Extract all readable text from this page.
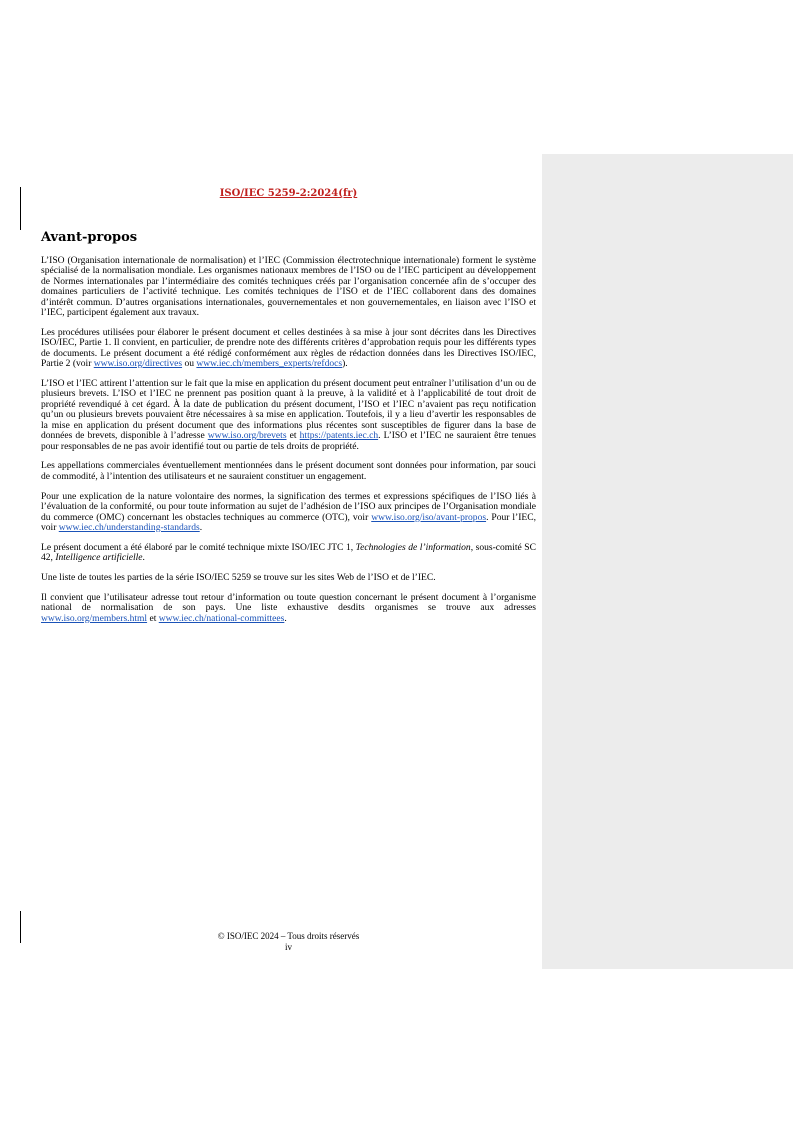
ISO/IEC 5259-2:2024(fr)
Avant-propos

L’ISO (Organisation internationale de normalisation) et l’IEC (Commission électrotechnique internationale) forment le système spécialisé de la normalisation mondiale. Les organismes nationaux membres de l’ISO ou de l’IEC participent au développement de Normes internationales par l’intermédiaire des comités techniques créés par l’organisation concernée afin de s’occuper des domaines particuliers de l’activité technique. Les comités techniques de l’ISO et de l’IEC collaborent dans des domaines d’intérêt commun. D’autres organisations internationales, gouvernementales et non gouvernementales, en liaison avec l’ISO et l’IEC, participent également aux travaux.

Les procédures utilisées pour élaborer le présent document et celles destinées à sa mise à jour sont décrites dans les Directives ISO/IEC, Partie 1. Il convient, en particulier, de prendre note des différents critères d’approbation requis pour les différents types de documents. Le présent document a été rédigé conformément aux règles de rédaction données dans les Directives ISO/IEC, Partie 2 (voir www.iso.org/directives ou www.iec.ch/members_experts/refdocs).

L’ISO et l’IEC attirent l’attention sur le fait que la mise en application du présent document peut entraîner l’utilisation d’un ou de plusieurs brevets. L’ISO et l’IEC ne prennent pas position quant à la preuve, à la validité et à l’applicabilité de tout droit de propriété revendiqué à cet égard. À la date de publication du présent document, l’ISO et l’IEC n’avaient pas reçu notification qu’un ou plusieurs brevets pouvaient être nécessaires à sa mise en application. Toutefois, il y a lieu d’avertir les responsables de la mise en application du présent document que des informations plus récentes sont susceptibles de figurer dans la base de données de brevets, disponible à l’adresse www.iso.org/brevets et https://patents.iec.ch. L’ISO et l’IEC ne sauraient être tenues pour responsables de ne pas avoir identifié tout ou partie de tels droits de propriété.

Les appellations commerciales éventuellement mentionnées dans le présent document sont données pour information, par souci de commodité, à l’intention des utilisateurs et ne sauraient constituer un engagement.

Pour une explication de la nature volontaire des normes, la signification des termes et expressions spécifiques de l’ISO liés à l’évaluation de la conformité, ou pour toute information au sujet de l’adhésion de l’ISO aux principes de l’Organisation mondiale du commerce (OMC) concernant les obstacles techniques au commerce (OTC), voir www.iso.org/iso/avant-propos. Pour l’IEC, voir www.iec.ch/understanding-standards.

Le présent document a été élaboré par le comité technique mixte ISO/IEC JTC 1, Technologies de l’information, sous-comité SC 42, Intelligence artificielle.

Une liste de toutes les parties de la série ISO/IEC 5259 se trouve sur les sites Web de l’ISO et de l’IEC.

Il convient que l’utilisateur adresse tout retour d’information ou toute question concernant le présent document à l’organisme national de normalisation de son pays. Une liste exhaustive desdits organismes se trouve aux adresses www.iso.org/members.html et www.iec.ch/national-committees.

© ISO/IEC 2024 – Tous droits réservés
iv
